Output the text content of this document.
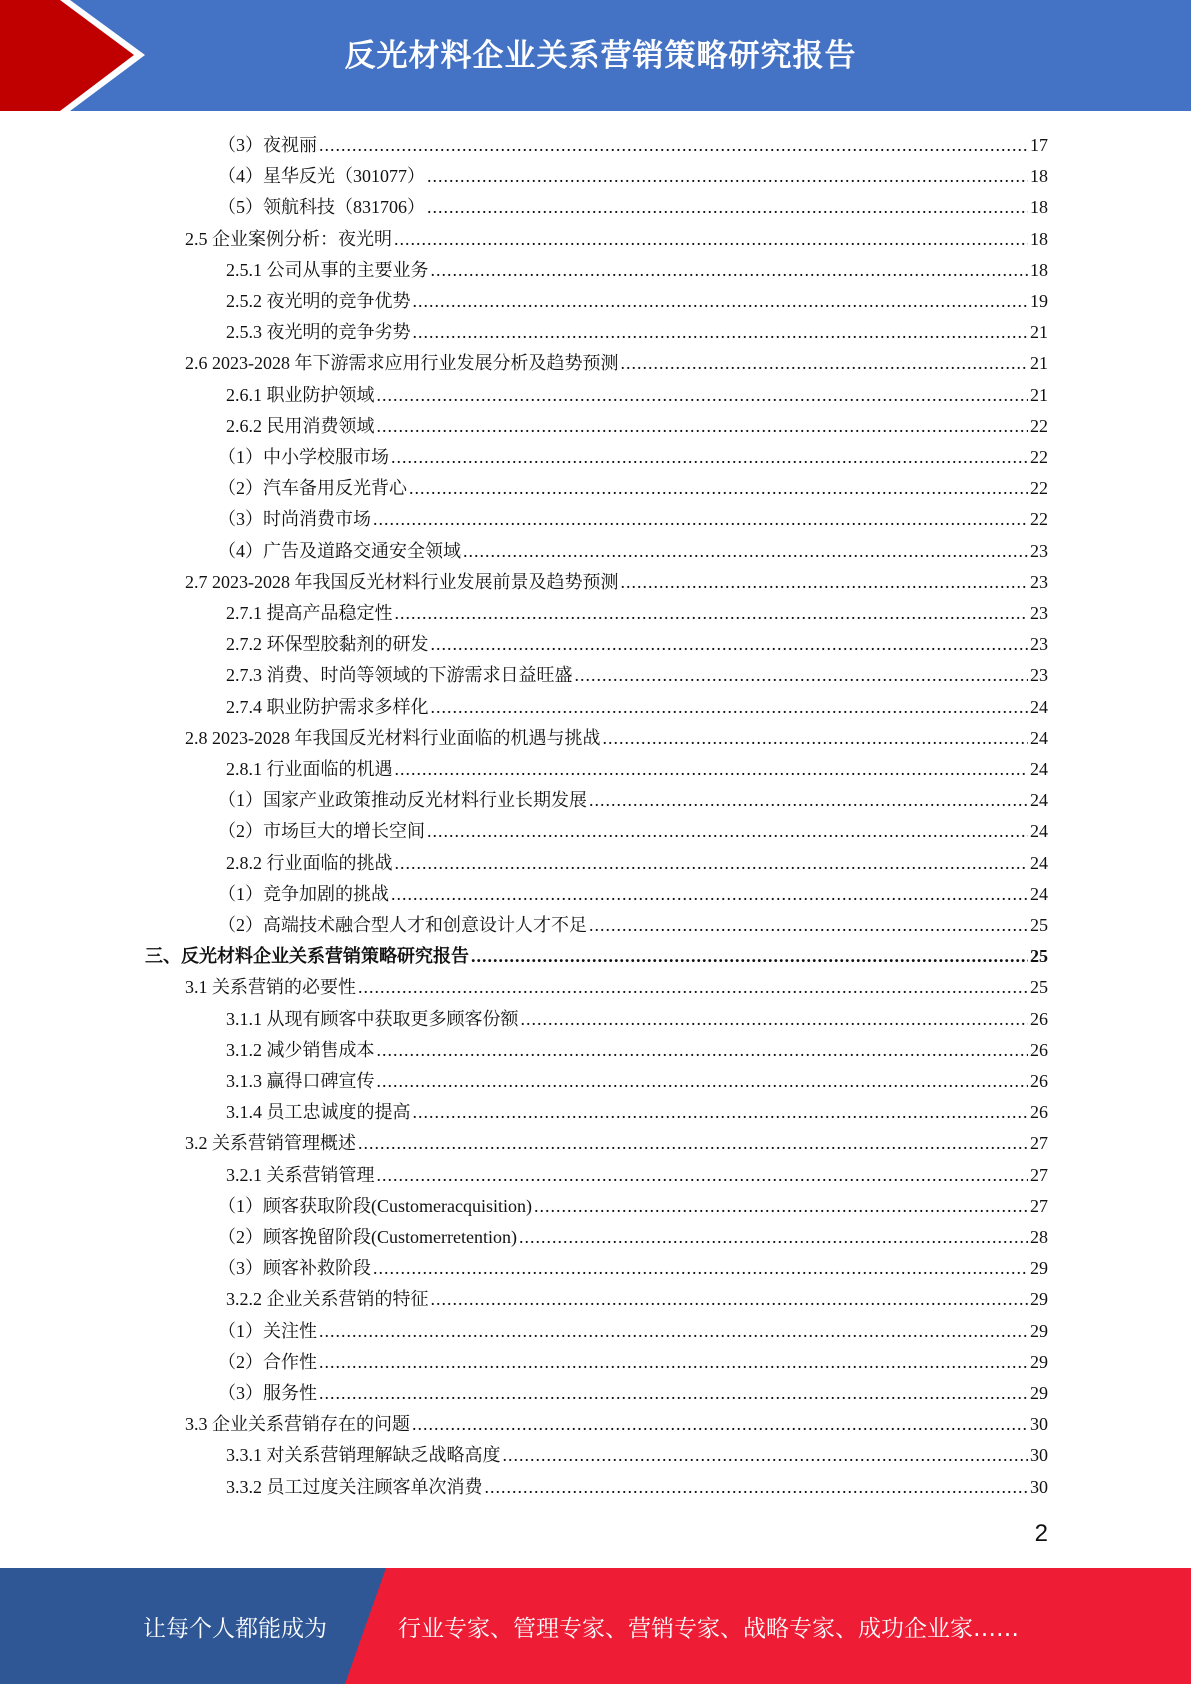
反光材料企业关系营销策略研究报告
（3）夜视丽 .....	17
（4）星华反光（301077） .....	18
（5）领航科技（831706） .....	18
2.5 企业案例分析：夜光明 .....	18
2.5.1 公司从事的主要业务 .....	18
2.5.2 夜光明的竞争优势 .....	19
2.5.3 夜光明的竞争劣势 .....	21
2.6 2023-2028 年下游需求应用行业发展分析及趋势预测 .....	21
2.6.1 职业防护领域 .....	21
2.6.2 民用消费领域 .....	22
（1）中小学校服市场 .....	22
（2）汽车备用反光背心 .....	22
（3）时尚消费市场 .....	22
（4）广告及道路交通安全领域 .....	23
2.7 2023-2028 年我国反光材料行业发展前景及趋势预测 .....	23
2.7.1 提高产品稳定性 .....	23
2.7.2 环保型胶黏剂的研发 .....	23
2.7.3 消费、时尚等领域的下游需求日益旺盛 .....	23
2.7.4 职业防护需求多样化 .....	24
2.8 2023-2028 年我国反光材料行业面临的机遇与挑战 .....	24
2.8.1 行业面临的机遇 .....	24
（1）国家产业政策推动反光材料行业长期发展 .....	24
（2）市场巨大的增长空间 .....	24
2.8.2 行业面临的挑战 .....	24
（1）竞争加剧的挑战 .....	24
（2）高端技术融合型人才和创意设计人才不足 .....	25
三、反光材料企业关系营销策略研究报告 .....	25
3.1 关系营销的必要性 .....	25
3.1.1 从现有顾客中获取更多顾客份额 .....	26
3.1.2 减少销售成本 .....	26
3.1.3 赢得口碑宣传 .....	26
3.1.4 员工忠诚度的提高 .....	26
3.2 关系营销管理概述 .....	27
3.2.1 关系营销管理 .....	27
（1）顾客获取阶段(Customeracquisition) .....	27
（2）顾客挽留阶段(Customerretention) .....	28
（3）顾客补救阶段 .....	29
3.2.2 企业关系营销的特征 .....	29
（1）关注性 .....	29
（2）合作性 .....	29
（3）服务性 .....	29
3.3 企业关系营销存在的问题 .....	30
3.3.1 对关系营销理解缺乏战略高度 .....	30
3.3.2 员工过度关注顾客单次消费 .....	30
2
让每个人都能成为	行业专家、管理专家、营销专家、战略专家、成功企业家……
